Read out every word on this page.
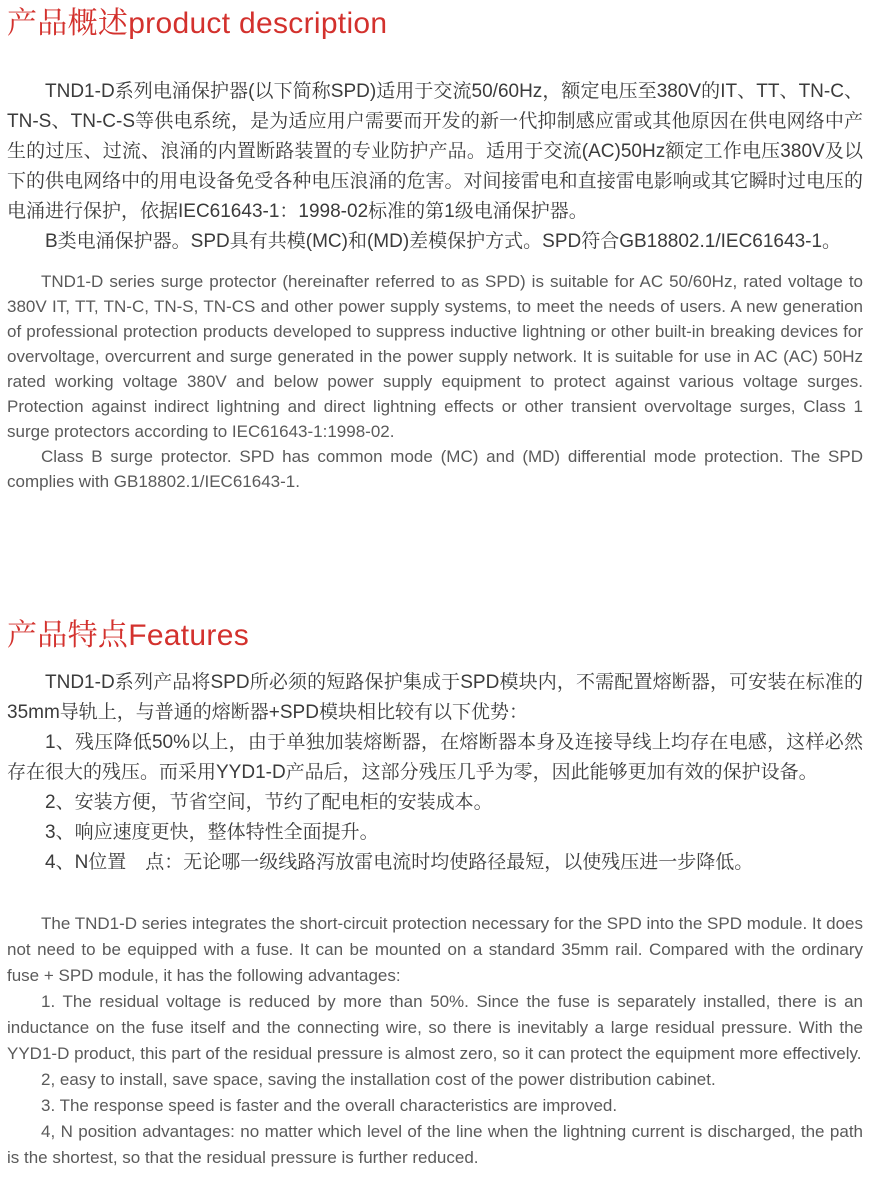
产品概述product description

TND1-D系列电涌保护器(以下简称SPD)适用于交流50/60Hz，额定电压至380V的IT、TT、TN-C、TN-S、TN-C-S等供电系统，是为适应用户需要而开发的新一代抑制感应雷或其他原因在供电网络中产生的过压、过流、浪涌的内置断路装置的专业防护产品。适用于交流(AC)50Hz额定工作电压380V及以下的供电网络中的用电设备免受各种电压浪涌的危害。对间接雷电和直接雷电影响或其它瞬时过电压的电涌进行保护，依据IEC61643-1：1998-02标准的第1级电涌保护器。

B类电涌保护器。SPD具有共模(MC)和(MD)差模保护方式。SPD符合GB18802.1/IEC61643-1。

TND1-D series surge protector (hereinafter referred to as SPD) is suitable for AC 50/60Hz, rated voltage to 380V IT, TT, TN-C, TN-S, TN-CS and other power supply systems, to meet the needs of users. A new generation of professional protection products developed to suppress inductive lightning or other built-in breaking devices for overvoltage, overcurrent and surge generated in the power supply network. It is suitable for use in AC (AC) 50Hz rated working voltage 380V and below power supply equipment to protect against various voltage surges. Protection against indirect lightning and direct lightning effects or other transient overvoltage surges, Class 1 surge protectors according to IEC61643-1:1998-02.

Class B surge protector. SPD has common mode (MC) and (MD) differential mode protection. The SPD complies with GB18802.1/IEC61643-1.

产品特点Features

TND1-D系列产品将SPD所必须的短路保护集成于SPD模块内，不需配置熔断器，可安装在标准的35mm导轨上，与普通的熔断器+SPD模块相比较有以下优势：

1、残压降低50%以上，由于单独加装熔断器，在熔断器本身及连接导线上均存在电感，这样必然存在很大的残压。而采用YYD1-D产品后，这部分残压几乎为零，因此能够更加有效的保护设备。

2、安装方便，节省空间，节约了配电柜的安装成本。

3、响应速度更快，整体特性全面提升。

4、N位置　点：无论哪一级线路泻放雷电流时均使路径最短，以使残压进一步降低。

The TND1-D series integrates the short-circuit protection necessary for the SPD into the SPD module. It does not need to be equipped with a fuse. It can be mounted on a standard 35mm rail. Compared with the ordinary fuse + SPD module, it has the following advantages:

1. The residual voltage is reduced by more than 50%. Since the fuse is separately installed, there is an inductance on the fuse itself and the connecting wire, so there is inevitably a large residual pressure. With the YYD1-D product, this part of the residual pressure is almost zero, so it can protect the equipment more effectively.

2, easy to install, save space, saving the installation cost of the power distribution cabinet.

3. The response speed is faster and the overall characteristics are improved.

4, N position advantages: no matter which level of the line when the lightning current is discharged, the path is the shortest, so that the residual pressure is further reduced.
